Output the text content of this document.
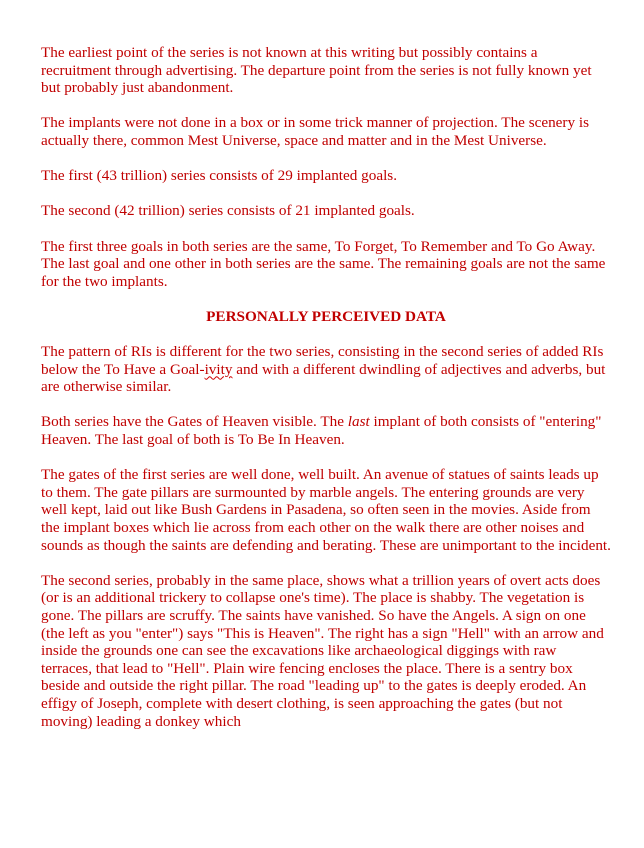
The earliest point of the series is not known at this writing but possibly contains a recruitment through advertising. The departure point from the series is not fully known yet but probably just abandonment.

The implants were not done in a box or in some trick manner of projection. The scenery is actually there, common Mest Universe, space and matter and in the Mest Universe.

The first (43 trillion) series consists of 29 implanted goals.

The second (42 trillion) series consists of 21 implanted goals.

The first three goals in both series are the same, To Forget, To Remember and To Go Away. The last goal and one other in both series are the same. The remaining goals are not the same for the two implants.

PERSONALLY PERCEIVED DATA

The pattern of RIs is different for the two series, consisting in the second series of added RIs below the To Have a Goal-ivity and with a different dwindling of adjectives and adverbs, but are otherwise similar.

Both series have the Gates of Heaven visible. The last implant of both consists of "entering" Heaven. The last goal of both is To Be In Heaven.

The gates of the first series are well done, well built. An avenue of statues of saints leads up to them. The gate pillars are surmounted by marble angels. The entering grounds are very well kept, laid out like Bush Gardens in Pasadena, so often seen in the movies. Aside from the implant boxes which lie across from each other on the walk there are other noises and sounds as though the saints are defending and berating. These are unimportant to the incident.

The second series, probably in the same place, shows what a trillion years of overt acts does (or is an additional trickery to collapse one's time). The place is shabby. The vegetation is gone. The pillars are scruffy. The saints have vanished. So have the Angels. A sign on one (the left as you "enter") says "This is Heaven". The right has a sign "Hell" with an arrow and inside the grounds one can see the excavations like archaeological diggings with raw terraces, that lead to "Hell". Plain wire fencing encloses the place. There is a sentry box beside and outside the right pillar. The road "leading up" to the gates is deeply eroded. An effigy of Joseph, complete with desert clothing, is seen approaching the gates (but not moving) leading a donkey which
